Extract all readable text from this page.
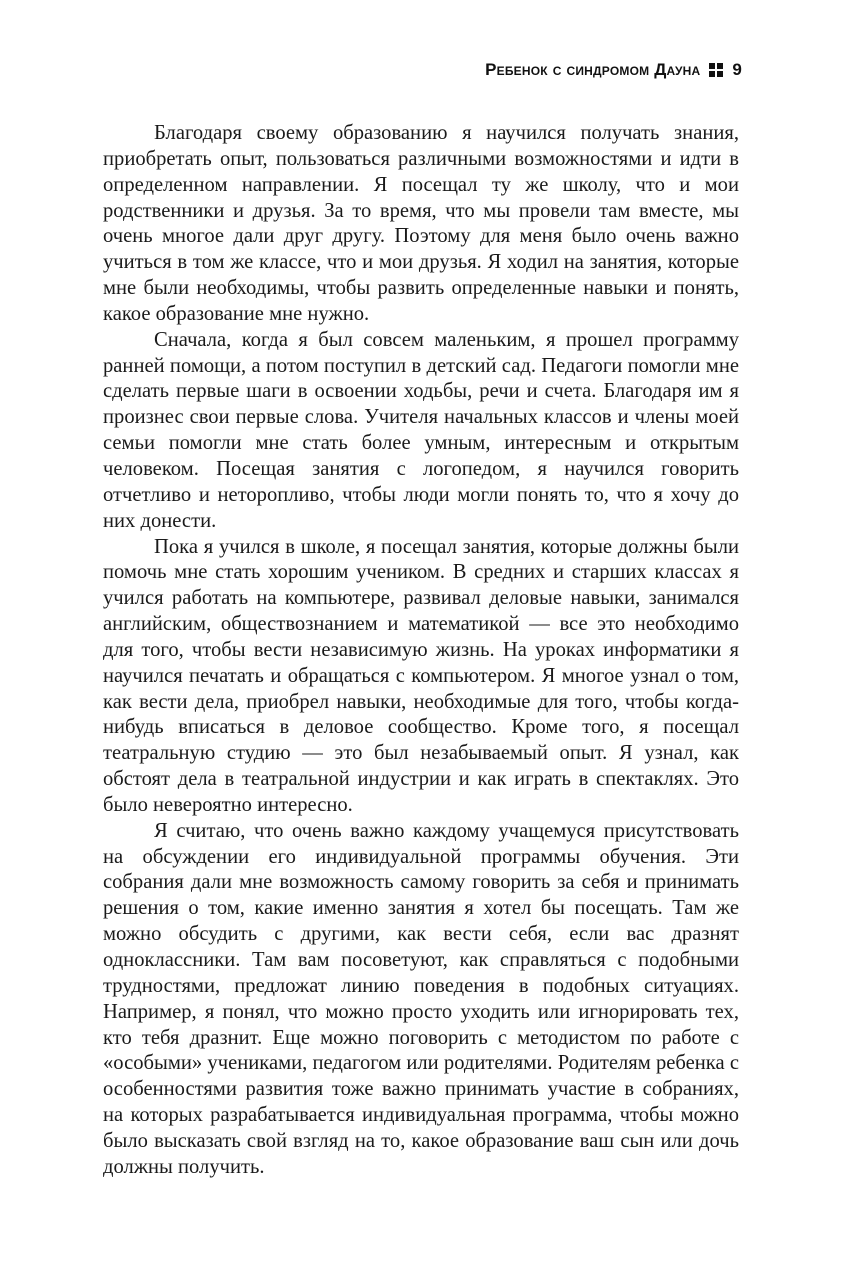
Ребенок с синдромом Дауна 9

Благодаря своему образованию я научился получать знания, приобретать опыт, пользоваться различными возможностями и идти в определенном направлении. Я посещал ту же школу, что и мои родственники и друзья. За то время, что мы провели там вместе, мы очень многое дали друг другу. Поэтому для меня было очень важно учиться в том же классе, что и мои друзья. Я ходил на занятия, которые мне были необходимы, чтобы развить определенные навыки и понять, какое образование мне нужно.

Сначала, когда я был совсем маленьким, я прошел программу ранней помощи, а потом поступил в детский сад. Педагоги помогли мне сделать первые шаги в освоении ходьбы, речи и счета. Благодаря им я произнес свои первые слова. Учителя начальных классов и члены моей семьи помогли мне стать более умным, интересным и открытым человеком. Посещая занятия с логопедом, я научился говорить отчетливо и неторопливо, чтобы люди могли понять то, что я хочу до них донести.

Пока я учился в школе, я посещал занятия, которые должны были помочь мне стать хорошим учеником. В средних и старших классах я учился работать на компьютере, развивал деловые навыки, занимался английским, обществознанием и математикой — все это необходимо для того, чтобы вести независимую жизнь. На уроках информатики я научился печатать и обращаться с компьютером. Я многое узнал о том, как вести дела, приобрел навыки, необходимые для того, чтобы когда-нибудь вписаться в деловое сообщество. Кроме того, я посещал театральную студию — это был незабываемый опыт. Я узнал, как обстоят дела в театральной индустрии и как играть в спектаклях. Это было невероятно интересно.

Я считаю, что очень важно каждому учащемуся присутствовать на обсуждении его индивидуальной программы обучения. Эти собрания дали мне возможность самому говорить за себя и принимать решения о том, какие именно занятия я хотел бы посещать. Там же можно обсудить с другими, как вести себя, если вас дразнят одноклассники. Там вам посоветуют, как справляться с подобными трудностями, предложат линию поведения в подобных ситуациях. Например, я понял, что можно просто уходить или игнорировать тех, кто тебя дразнит. Еще можно поговорить с методистом по работе с «особыми» учениками, педагогом или родителями. Родителям ребенка с особенностями развития тоже важно принимать участие в собраниях, на которых разрабатывается индивидуальная программа, чтобы можно было высказать свой взгляд на то, какое образование ваш сын или дочь должны получить.
